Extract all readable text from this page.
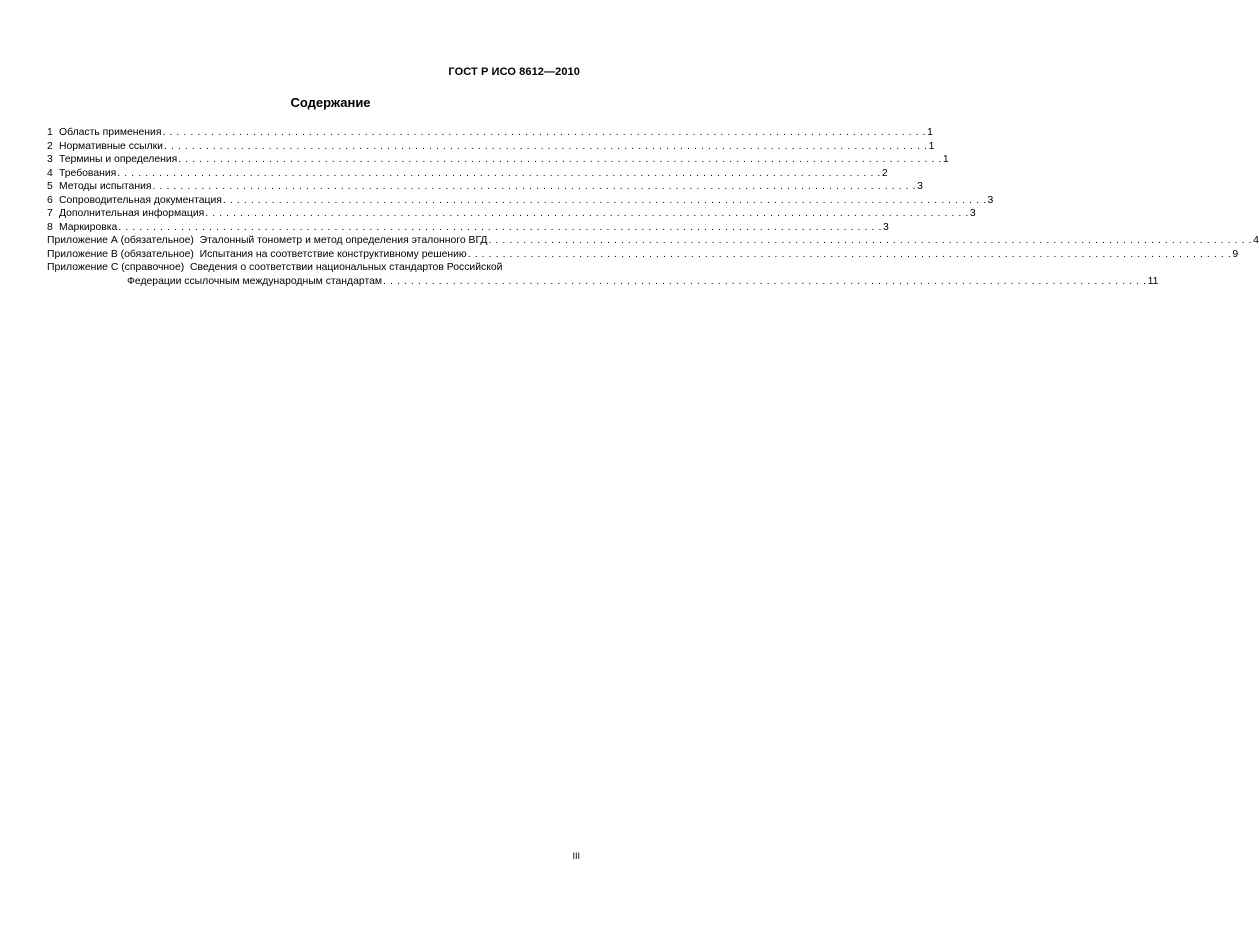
ГОСТ Р ИСО 8612—2010
Содержание
1 Область применения . . .	1
2 Нормативные ссылки . . .	1
3 Термины и определения . . .	1
4 Требования . . .	2
5 Методы испытания . . .	3
6 Сопроводительная документация . . .	3
7 Дополнительная информация . . .	3
8 Маркировка . . .	3
Приложение А (обязательное) Эталонный тонометр и метод определения эталонного ВГД . . .	4
Приложение В (обязательное) Испытания на соответствие конструктивному решению . . .	9
Приложение С (справочное) Сведения о соответствии национальных стандартов Российской
Федерации ссылочным международным стандартам . . .	11
III
